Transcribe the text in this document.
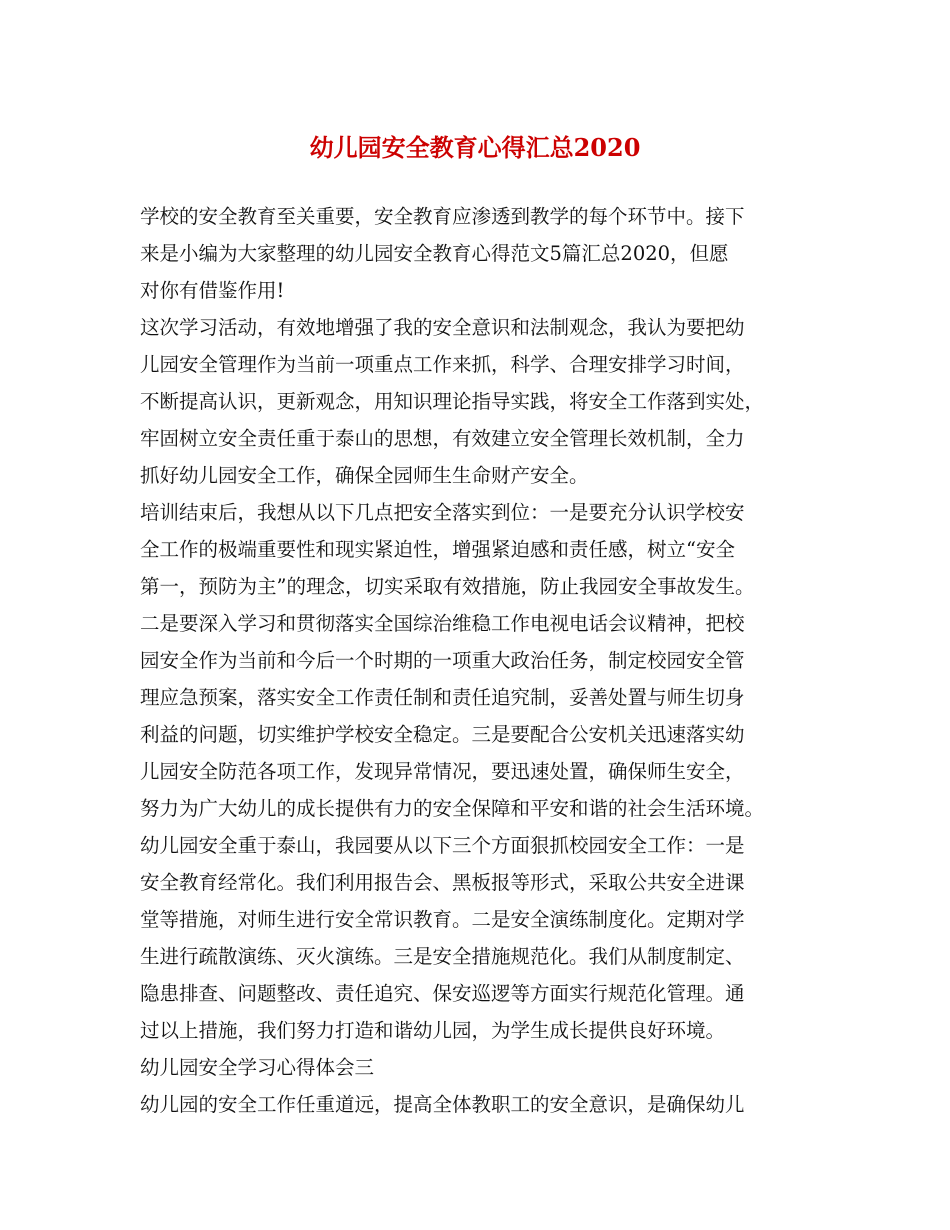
幼儿园安全教育心得汇总2020

学校的安全教育至关重要，安全教育应渗透到教学的每个环节中。接下

来是小编为大家整理的幼儿园安全教育心得范文5篇汇总2020，但愿

对你有借鉴作用!

这次学习活动，有效地增强了我的安全意识和法制观念，我认为要把幼

儿园安全管理作为当前一项重点工作来抓，科学、合理安排学习时间，

不断提高认识，更新观念，用知识理论指导实践，将安全工作落到实处，

牢固树立安全责任重于泰山的思想，有效建立安全管理长效机制，全力

抓好幼儿园安全工作，确保全园师生生命财产安全。

培训结束后，我想从以下几点把安全落实到位：一是要充分认识学校安

全工作的极端重要性和现实紧迫性，增强紧迫感和责任感，树立“安全

第一，预防为主”的理念，切实采取有效措施，防止我园安全事故发生。

二是要深入学习和贯彻落实全国综治维稳工作电视电话会议精神，把校

园安全作为当前和今后一个时期的一项重大政治任务，制定校园安全管

理应急预案，落实安全工作责任制和责任追究制，妥善处置与师生切身

利益的问题，切实维护学校安全稳定。三是要配合公安机关迅速落实幼

儿园安全防范各项工作，发现异常情况，要迅速处置，确保师生安全，

努力为广大幼儿的成长提供有力的安全保障和平安和谐的社会生活环境。

幼儿园安全重于泰山，我园要从以下三个方面狠抓校园安全工作：一是

安全教育经常化。我们利用报告会、黑板报等形式，采取公共安全进课

堂等措施，对师生进行安全常识教育。二是安全演练制度化。定期对学

生进行疏散演练、灭火演练。三是安全措施规范化。我们从制度制定、

隐患排查、问题整改、责任追究、保安巡逻等方面实行规范化管理。通

过以上措施，我们努力打造和谐幼儿园，为学生成长提供良好环境。

幼儿园安全学习心得体会三

幼儿园的安全工作任重道远，提高全体教职工的安全意识，是确保幼儿
